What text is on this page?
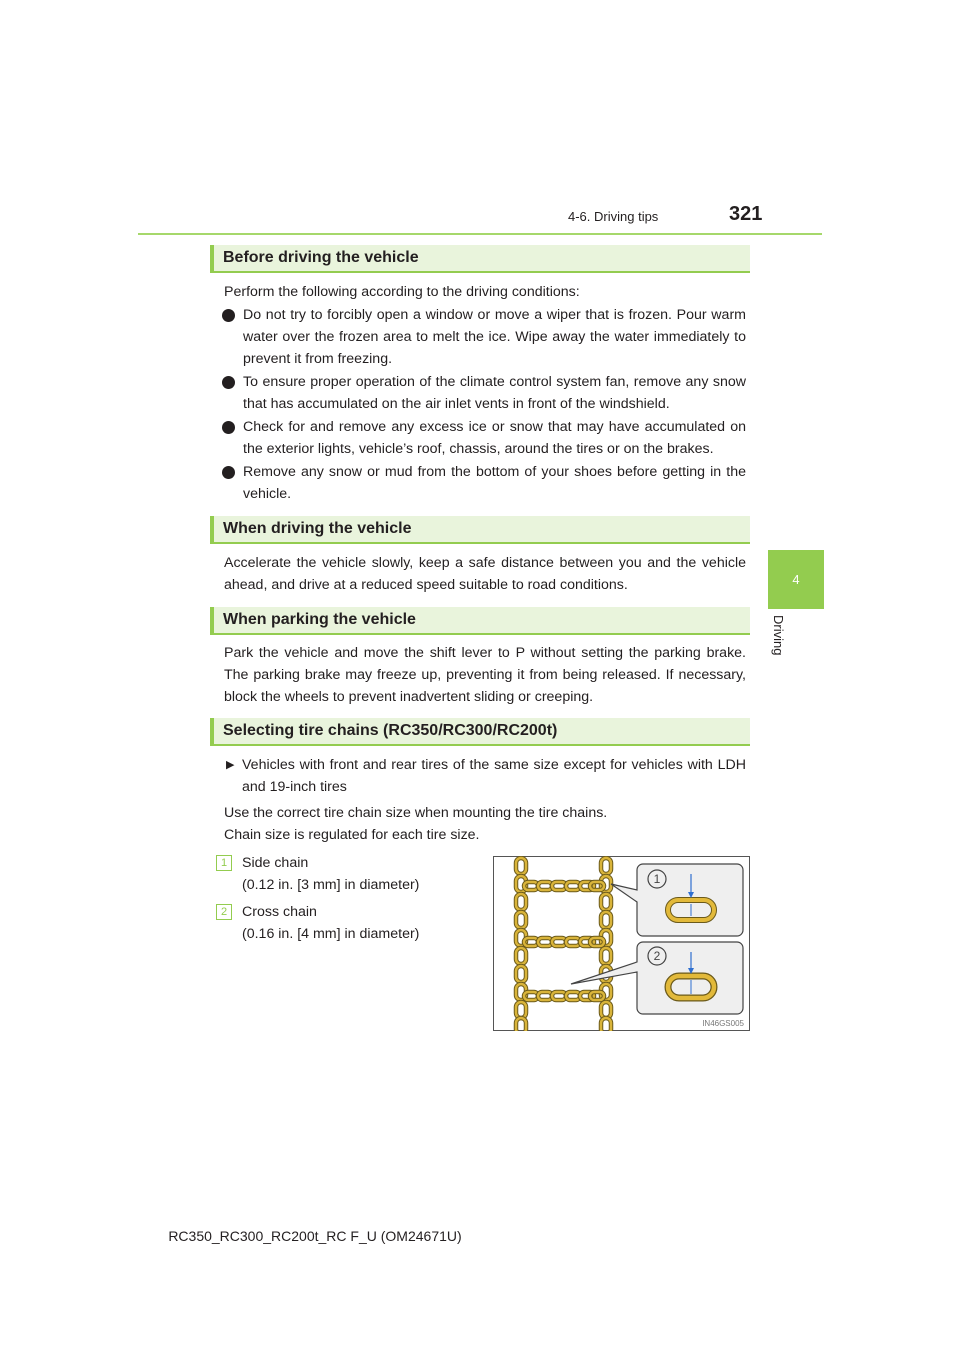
4-6. Driving tips	321
4
Driving
Before driving the vehicle
Perform the following according to the driving conditions:
Do not try to forcibly open a window or move a wiper that is frozen. Pour warm water over the frozen area to melt the ice. Wipe away the water immediately to prevent it from freezing.
To ensure proper operation of the climate control system fan, remove any snow that has accumulated on the air inlet vents in front of the windshield.
Check for and remove any excess ice or snow that may have accumulated on the exterior lights, vehicle’s roof, chassis, around the tires or on the brakes.
Remove any snow or mud from the bottom of your shoes before getting in the vehicle.
When driving the vehicle
Accelerate the vehicle slowly, keep a safe distance between you and the vehicle ahead, and drive at a reduced speed suitable to road conditions.
When parking the vehicle
Park the vehicle and move the shift lever to P without setting the parking brake. The parking brake may freeze up, preventing it from being released. If necessary, block the wheels to prevent inadvertent sliding or creeping.
Selecting tire chains (RC350/RC300/RC200t)
▶ Vehicles with front and rear tires of the same size except for vehicles with LDH and 19-inch tires
Use the correct tire chain size when mounting the tire chains.
Chain size is regulated for each tire size.
1	Side chain
(0.12 in. [3 mm] in diameter)
2	Cross chain
(0.16 in. [4 mm] in diameter)
1
2
IN46GS005
RC350_RC300_RC200t_RC F_U (OM24671U)
